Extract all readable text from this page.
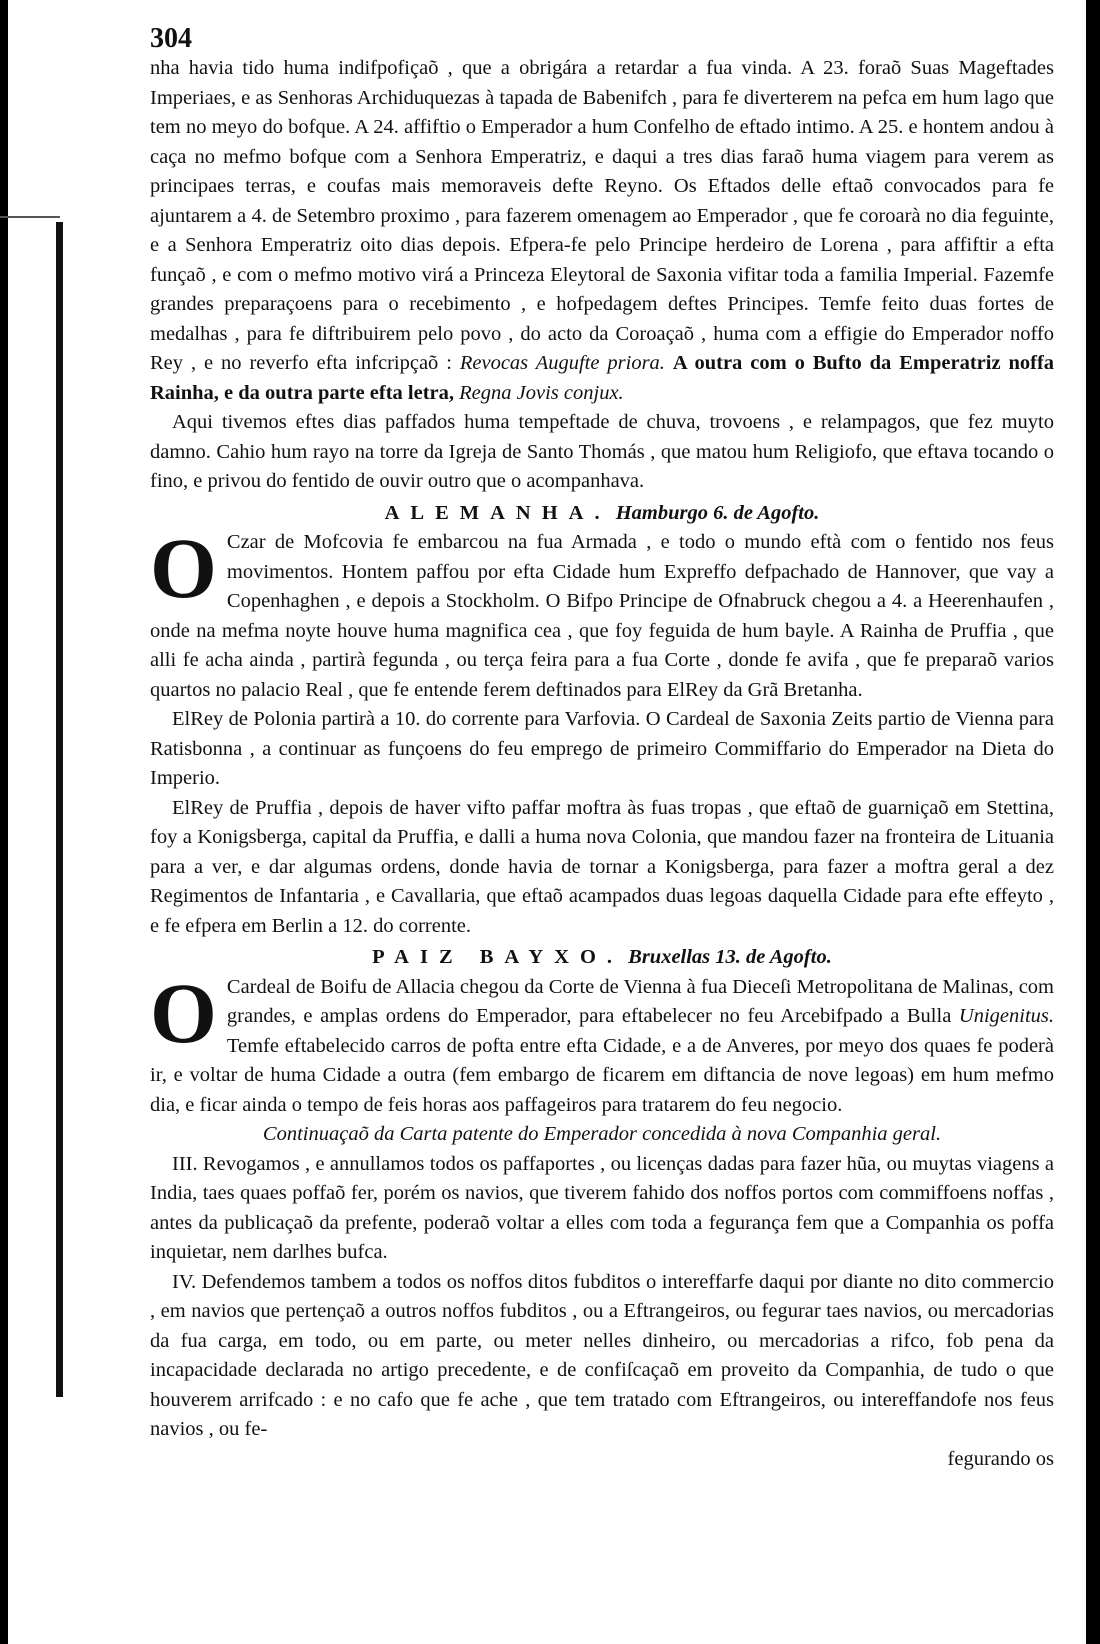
304

nha havia tido huma indifpofiçaõ , que a obrigára a retardar a fua vinda. A 23. foraõ Suas Mageftades Imperiaes, e as Senhoras Archiduquezas à tapada de Babenifch , para fe diverterem na pefca em hum lago que tem no meyo do bofque. A 24. affiftio o Emperador a hum Confelho de eftado intimo. A 25. e hontem andou à caça no mefmo bofque com a Senhora Emperatriz, e daqui a tres dias faraõ huma viagem para verem as principaes terras, e coufas mais memoraveis defte Reyno. Os Eftados delle eftaõ convocados para fe ajuntarem a 4. de Setembro proximo , para fazerem omenagem ao Emperador , que fe coroarà no dia feguinte, e a Senhora Emperatriz oito dias depois. Efpera-fe pelo Principe herdeiro de Lorena , para affiftir a efta funçaõ , e com o mefmo motivo virá a Princeza Eleytoral de Saxonia vifitar toda a familia Imperial. Fazemfe grandes preparaçoens para o recebimento , e hofpedagem deftes Principes. Temfe feito duas fortes de medalhas , para fe diftribuirem pelo povo , do acto da Coroaçaõ , huma com a effigie do Emperador noffo Rey , e no reverfo efta infcripçaõ : Revocas Augufte priora. A outra com o Bufto da Emperatriz noffa Rainha, e da outra parte efta letra, Regna Jovis conjux.

Aqui tivemos eftes dias paffados huma tempeftade de chuva, trovoens , e relampagos, que fez muyto damno. Cahio hum rayo na torre da Igreja de Santo Thomás , que matou hum Religiofo, que eftava tocando o fino, e privou do fentido de ouvir outro que o acompanhava.

ALEMANHA. Hamburgo 6. de Agofto.

O Czar de Mofcovia fe embarcou na fua Armada , e todo o mundo eftà com o fentido nos feus movimentos. Hontem paffou por efta Cidade hum Expreffo defpachado de Hannover, que vay a Copenhaghen , e depois a Stockholm. O Bifpo Principe de Ofnabruck chegou a 4. a Heerenhaufen , onde na mefma noyte houve huma magnifica cea , que foy feguida de hum bayle. A Rainha de Pruffia , que alli fe acha ainda , partirà fegunda , ou terça feira para a fua Corte , donde fe avifa , que fe preparaõ varios quartos no palacio Real , que fe entende ferem deftinados para ElRey da Grã Bretanha.

ElRey de Polonia partirà a 10. do corrente para Varfovia. O Cardeal de Saxonia Zeits partio de Vienna para Ratisbonna , a continuar as funçoens do feu emprego de primeiro Commiffario do Emperador na Dieta do Imperio.

ElRey de Pruffia , depois de haver vifto paffar moftra às fuas tropas , que eftaõ de guarniçaõ em Stettina, foy a Konigsberga, capital da Pruffia, e dalli a huma nova Colonia, que mandou fazer na fronteira de Lituania para a ver, e dar algumas ordens, donde havia de tornar a Konigsberga, para fazer a moftra geral a dez Regimentos de Infantaria , e Cavallaria, que eftaõ acampados duas legoas daquella Cidade para efte effeyto , e fe efpera em Berlin a 12. do corrente.

PAIZ BAYXO. Bruxellas 13. de Agofto.

O Cardeal de Boifu de Allacia chegou da Corte de Vienna à fua Dieceſi Metropolitana de Malinas, com grandes, e amplas ordens do Emperador, para eftabelecer no feu Arcebifpado a Bulla Unigenitus. Temfe eftabelecido carros de pofta entre efta Cidade, e a de Anveres, por meyo dos quaes fe poderà ir, e voltar de huma Cidade a outra (fem embargo de ficarem em diftancia de nove legoas) em hum mefmo dia, e ficar ainda o tempo de feis horas aos paffageiros para tratarem do feu negocio.

Continuaçaõ da Carta patente do Emperador concedida à nova Companhia geral.

III. Revogamos , e annullamos todos os paffaportes , ou licenças dadas para fazer hũa, ou muytas viagens a India, taes quaes poffaõ fer, porém os navios, que tiverem fahido dos noffos portos com commiffoens noffas , antes da publicaçaõ da prefente, poderaõ voltar a elles com toda a fegurança fem que a Companhia os poffa inquietar, nem darlhes bufca.

IV. Defendemos tambem a todos os noffos ditos fubditos o intereffarfe daqui por diante no dito commercio , em navios que pertençaõ a outros noffos fubditos , ou a Eftrangeiros, ou fegurar taes navios, ou mercadorias da fua carga, em todo, ou em parte, ou meter nelles dinheiro, ou mercadorias a rifco, fob pena da incapacidade declarada no artigo precedente, e de confiſcaçaõ em proveito da Companhia, de tudo o que houverem arrifcado : e no cafo que fe ache , que tem tratado com Eftrangeiros, ou intereffandofe nos feus navios , ou fe-

fegurando os
